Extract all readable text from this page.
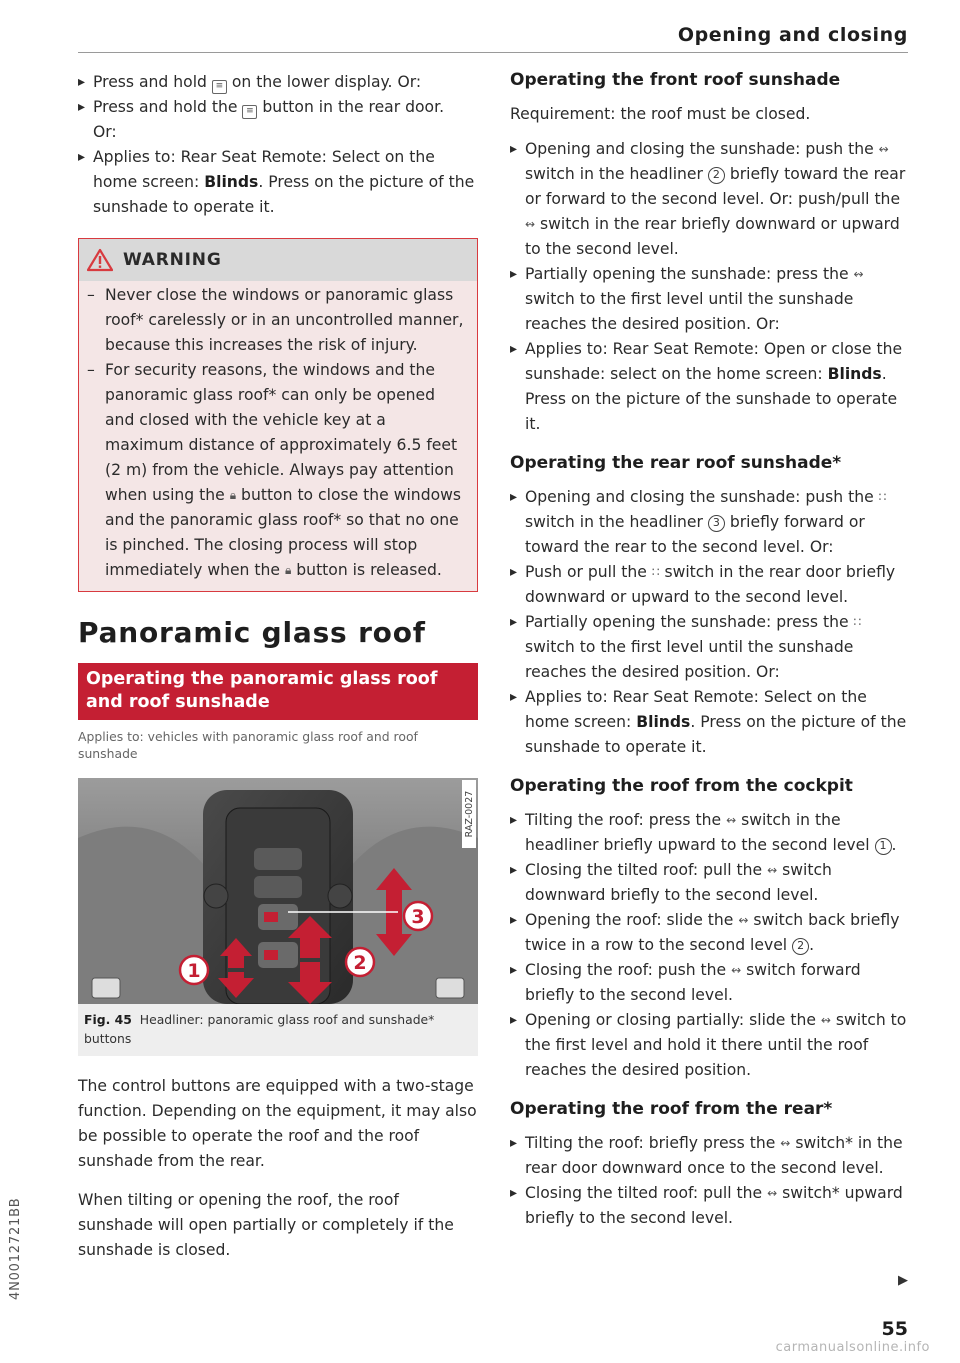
Opening and closing
▸ Press and hold ≡ on the lower display. Or:
▸ Press and hold the ≡ button in the rear door.
Or:
▸ Applies to: Rear Seat Remote: Select on the home screen: Blinds. Press on the picture of the sunshade to operate it.
WARNING
– Never close the windows or panoramic glass roof* carelessly or in an uncontrolled manner, because this increases the risk of injury.
– For security reasons, the windows and the panoramic glass roof* can only be opened and closed with the vehicle key at a maximum distance of approximately 6.5 feet (2 m) from the vehicle. Always pay attention when using the 🔒︎ button to close the windows and the panoramic glass roof* so that no one is pinched. The closing process will stop immediately when the 🔒︎ button is released.
Panoramic glass roof
Operating the panoramic glass roof and roof sunshade
Applies to: vehicles with panoramic glass roof and roof sunshade
3
2
1
RAZ-0027
Fig. 45 Headliner: panoramic glass roof and sunshade* buttons
The control buttons are equipped with a two-stage function. Depending on the equipment, it may also be possible to operate the roof and the roof sunshade from the rear.
When tilting or opening the roof, the roof sunshade will open partially or completely if the sunshade is closed.
Operating the front roof sunshade
Requirement: the roof must be closed.
▸ Opening and closing the sunshade: push the ↭ switch in the headliner 2 briefly toward the rear or forward to the second level. Or: push/pull the ↭ switch in the rear briefly downward or upward to the second level.
▸ Partially opening the sunshade: press the ↭ switch to the first level until the sunshade reaches the desired position. Or:
▸ Applies to: Rear Seat Remote: Open or close the sunshade: select on the home screen: Blinds. Press on the picture of the sunshade to operate it.
Operating the rear roof sunshade*
▸ Opening and closing the sunshade: push the ∷ switch in the headliner 3 briefly forward or toward the rear to the second level. Or:
▸ Push or pull the ∷ switch in the rear door briefly downward or upward to the second level.
▸ Partially opening the sunshade: press the ∷ switch to the first level until the sunshade reaches the desired position. Or:
▸ Applies to: Rear Seat Remote: Select on the home screen: Blinds. Press on the picture of the sunshade to operate it.
Operating the roof from the cockpit
▸ Tilting the roof: press the ↭ switch in the headliner briefly upward to the second level 1 .
▸ Closing the tilted roof: pull the ↭ switch downward briefly to the second level.
▸ Opening the roof: slide the ↭ switch back briefly twice in a row to the second level 2 .
▸ Closing the roof: push the ↭ switch forward briefly to the second level.
▸ Opening or closing partially: slide the ↭ switch to the first level and hold it there until the roof reaches the desired position.
Operating the roof from the rear*
▸ Tilting the roof: briefly press the ↭ switch* in the rear door downward once to the second level.
▸ Closing the tilted roof: pull the ↭ switch* upward briefly to the second level.
▶
4N0012721BB
55
carmanualsonline.info
